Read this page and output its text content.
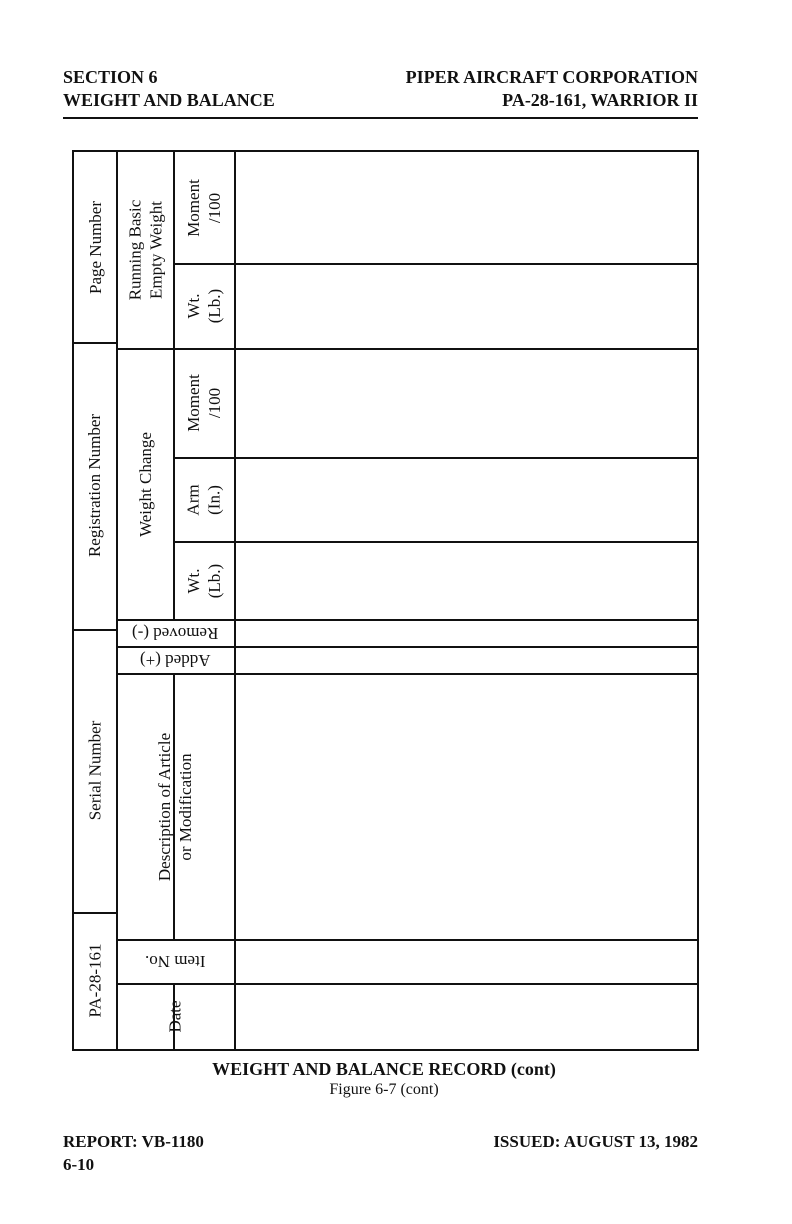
SECTION 6
WEIGHT AND BALANCE
PIPER AIRCRAFT CORPORATION
PA-28-161, WARRIOR II
Page Number
Registration Number
Serial Number
PA-28-161
Running Basic Empty Weight Moment /100
Wt. (Lb.)
Weight Change
Moment /100
Arm (In.)
Wt. (Lb.)
Removed (-)
Added (+)
Description of Article or Modification
Item No.
Date
WEIGHT AND BALANCE RECORD (cont)
Figure 6-7 (cont)
REPORT: VB-1180
6-10
ISSUED: AUGUST 13, 1982
